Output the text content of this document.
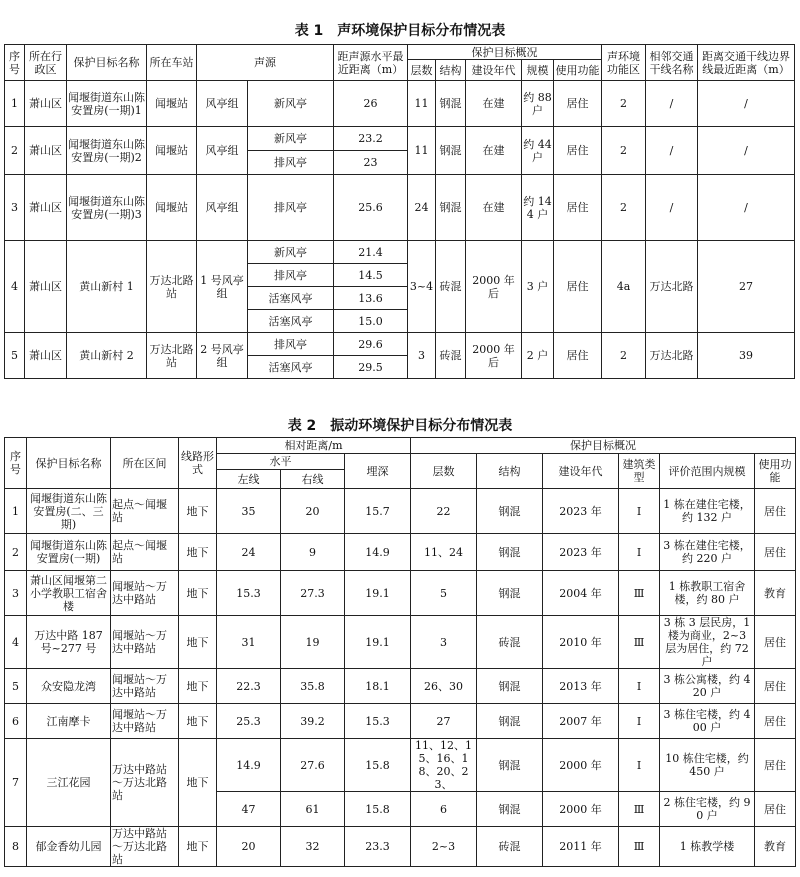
表 1　声环境保护目标分布情况表
序号	所在行政区	保护目标名称	所在车站	声源		距声源水平最近距离（m）	保护目标概况					声环境功能区	相邻交通干线名称	距离交通干线边界线最近距离（m）
							层数	结构	建设年代	规模	使用功能			
1	萧山区	闻堰街道东山陈安置房(一期)1	闻堰站	风亭组	新风亭	26	11	钢混	在建	约 88 户	居住	2	/	/
2	萧山区	闻堰街道东山陈安置房(一期)2	闻堰站	风亭组	新风亭	23.2	11	钢混	在建	约 44 户	居住	2	/	/
					排风亭	23								
3	萧山区	闻堰街道东山陈安置房(一期)3	闻堰站	风亭组	排风亭	25.6	24	钢混	在建	约 144 户	居住	2	/	/
4	萧山区	黄山新村 1	万达北路站	1 号风亭组	新风亭	21.4	3~4	砖混	2000 年后	3 户	居住	4a	万达北路	27
					排风亭	14.5								
					活塞风亭	13.6								
					活塞风亭	15.0								
5	萧山区	黄山新村 2	万达北路站	2 号风亭组	排风亭	29.6	3	砖混	2000 年后	2 户	居住	2	万达北路	39
					活塞风亭	29.5								
表 2　振动环境保护目标分布情况表
序号	保护目标名称	所在区间	线路形式	相对距离/m			保护目标概况					
				水平		埋深	层数	结构	建设年代	建筑类型	评价范围内规模	使用功能
				左线	右线							
1	闻堰街道东山陈安置房(二、三期)	起点～闻堰站	地下	35	20	15.7	22	钢混	2023 年	Ⅰ	1 栋在建住宅楼，约 132 户	居住
2	闻堰街道东山陈安置房(一期)	起点～闻堰站	地下	24	9	14.9	11、24	钢混	2023 年	Ⅰ	3 栋在建住宅楼，约 220 户	居住
3	萧山区闻堰第二小学教职工宿舍楼	闻堰站～万达中路站	地下	15.3	27.3	19.1	5	钢混	2004 年	Ⅲ	1 栋教职工宿舍楼，约 80 户	教育
4	万达中路 187 号~277 号	闻堰站～万达中路站	地下	31	19	19.1	3	砖混	2010 年	Ⅲ	3 栋 3 层民房，1 楼为商业，2~3 层为居住，约 72 户	居住
5	众安隐龙湾	闻堰站～万达中路站	地下	22.3	35.8	18.1	26、30	钢混	2013 年	Ⅰ	3 栋公寓楼，约 420 户	居住
6	江南摩卡	闻堰站～万达中路站	地下	25.3	39.2	15.3	27	钢混	2007 年	Ⅰ	3 栋住宅楼，约 400 户	居住
7	三江花园	万达中路站～万达北路站	地下	14.9	27.6	15.8	11、12、15、16、18、20、23、	钢混	2000 年	Ⅰ	10 栋住宅楼，约 450 户	居住
				47	61	15.8	6	钢混	2000 年	Ⅲ	2 栋住宅楼，约 90 户	居住
8	郁金香幼儿园	万达中路站～万达北路站	地下	20	32	23.3	2~3	砖混	2011 年	Ⅲ	1 栋教学楼	教育
